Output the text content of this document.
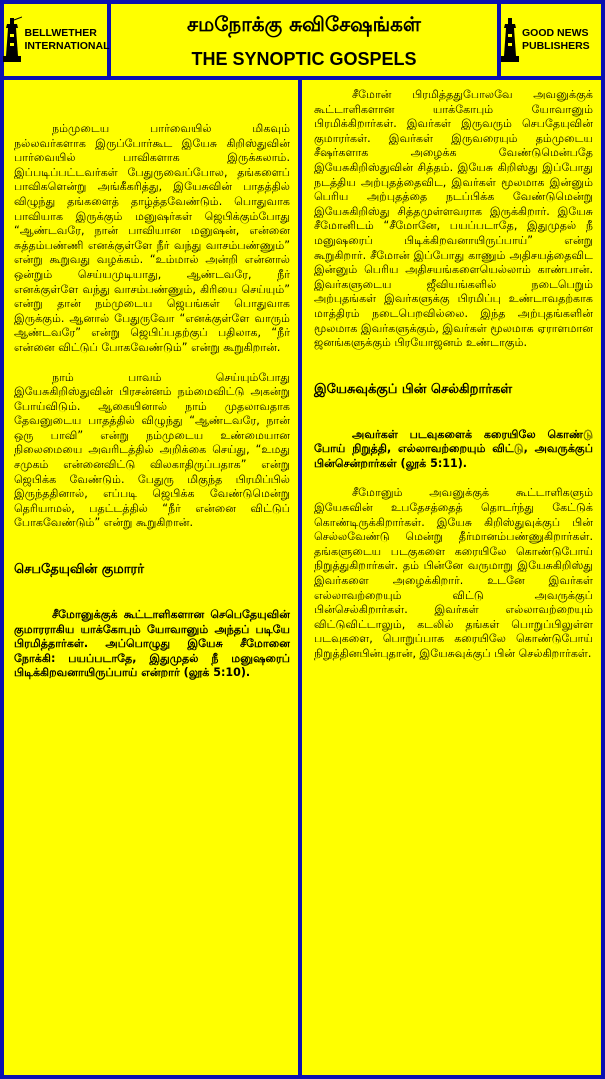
BELLWETHER INTERNATIONAL
சமநோக்கு சுவிசேஷங்கள்
THE SYNOPTIC GOSPELS
GOOD NEWS PUBLISHERS

நம்முடைய பார்வையில் மிகவும் நல்லவர்களாக இருப்போர்கூட இயேசு கிறிஸ்துவின் பார்வையில் பாவிகளாக இருக்கலாம். இப்படிப்பட்டவர்கள் பேதுருவைப்போல, தங்களைப் பாவிகளென்று அங்கீகரித்து, இயேசுவின் பாதத்தில் விழுந்து தங்களைத் தாழ்த்தவேண்டும். பொதுவாக பாவியாக இருக்கும் மனுஷர்கள் ஜெபிக்கும்போது “ஆண்டவரே, நான் பாவியான மனுஷன், என்னை சுத்தம்பண்ணி எனக்குள்ளே நீர் வந்து வாசம்பண்ணும்” என்று கூறுவது வழக்கம். “உம்மால் அன்றி என்னால் ஒன்றும் செய்யமுடியாது, ஆண்டவரே, நீர் எனக்குள்ளே வந்து வாசம்பண்ணும், கிரியை செய்யும்” என்று தான் நம்முடைய ஜெபங்கள் பொதுவாக இருக்கும். ஆனால் பேதுருவோ “எனக்குள்ளே வாரும் ஆண்டவரே” என்று ஜெபிப்பதற்குப் பதிலாக, “நீர் என்னை விட்டுப் போகவேண்டும்” என்று கூறுகிறான்.

நாம் பாவம் செய்யும்போது இயேசுகிறிஸ்துவின் பிரசன்னம் நம்மைவிட்டு அகன்று போய்விடும். ஆகையினால் நாம் முதலாவதாக தேவனுடைய பாதத்தில் விழுந்து “ஆண்டவரே, நான் ஒரு பாவி” என்று நம்முடைய உண்மையான நிலைமையை அவரிடத்தில் அறிக்கை செய்து, “உமது சமுகம் என்னைவிட்டு விலகாதிருப்பதாக” என்று ஜெபிக்க வேண்டும். பேதுரு மிகுந்த பிரமிப்பில் இருந்ததினால், எப்படி ஜெபிக்க வேண்டுமென்று தெரியாமல், பதட்டத்தில் “நீர் என்னை விட்டுப் போகவேண்டும்” என்று கூறுகிறான்.

செபதேயுவின் குமாரர்

சீமோனுக்குக் கூட்டாளிகளான செபெதேயுவின் குமாரராகிய யாக்கோபும் யோவானும் அந்தப் படியே பிரமித்தார்கள். அப்பொழுது இயேசு சீமோனை நோக்கி: பயப்படாதே, இதுமுதல் நீ மனுஷரைப் பிடிக்கிறவனாயிருப்பாய் என்றார் (லூக் 5:10).

சீமோன் பிரமித்ததுபோலவே அவனுக்குக் கூட்டாளிகளான யாக்கோபும் யோவானும் பிரமிக்கிறார்கள். இவர்கள் இருவரும் செபதேயுவின் குமாரர்கள். இவர்கள் இருவரையும் தம்முடைய சீஷர்களாக அழைக்க வேண்டுமென்பதே இயேசுகிறிஸ்துவின் சித்தம். இயேசு கிறிஸ்து இப்போது நடத்திய அற்புதத்தைவிட, இவர்கள் மூலமாக இன்னும் பெரிய அற்புதத்தை நடப்பிக்க வேண்டுமென்று இயேசுகிறிஸ்து சித்தமுள்ளவராக இருக்கிறார். இயேசு சீமோனிடம் “சீமோனே, பயப்படாதே, இதுமுதல் நீ மனுஷரைப் பிடிக்கிறவனாயிருப்பாய்” என்று கூறுகிறார். சீமோன் இப்போது காணும் அதிசயத்தைவிட இன்னும் பெரிய அதிசயங்களையெல்லாம் காண்பான். இவர்களுடைய ஜீவியங்களில் நடைபெறும் அற்புதங்கள் இவர்களுக்கு பிரமிப்பு உண்டாவதற்காக மாத்திரம் நடைபெறவில்லை. இந்த அற்புதங்களின் மூலமாக இவர்களுக்கும், இவர்கள் மூலமாக ஏராளமான ஜனங்களுக்கும் பிரயோஜனம் உண்டாகும்.

இயேசுவுக்குப் பின் செல்கிறார்கள்

அவர்கள் படவுகளைக் கரையிலே கொண்டு போய் நிறுத்தி, எல்லாவற்றையும் விட்டு, அவருக்குப் பின்சென்றார்கள் (லூக் 5:11).

சீமோனும் அவனுக்குக் கூட்டாளிகளும் இயேசுவின் உபதேசத்தைத் தொடர்ந்து கேட்டுக் கொண்டிருக்கிறார்கள். இயேசு கிறிஸ்துவுக்குப் பின் செல்லவேண்டு மென்று தீர்மானம்பண்ணுகிறார்கள். தங்களுடைய படகுகளை கரையிலே கொண்டுபோய் நிறுத்துகிறார்கள். தம் பின்னே வருமாறு இயேசுகிறிஸ்து இவர்களை அழைக்கிறார். உடனே இவர்கள் எல்லாவற்றையும் விட்டு அவருக்குப் பின்செல்கிறார்கள். இவர்கள் எல்லாவற்றையும் விட்டுவிட்டாலும், கடலில் தங்கள் பொறுப்பிலுள்ள படவுகளை, பொறுப்பாக கரையிலே கொண்டுபோய் நிறுத்தினபின்புதான், இயேசுவுக்குப் பின் செல்கிறார்கள்.
